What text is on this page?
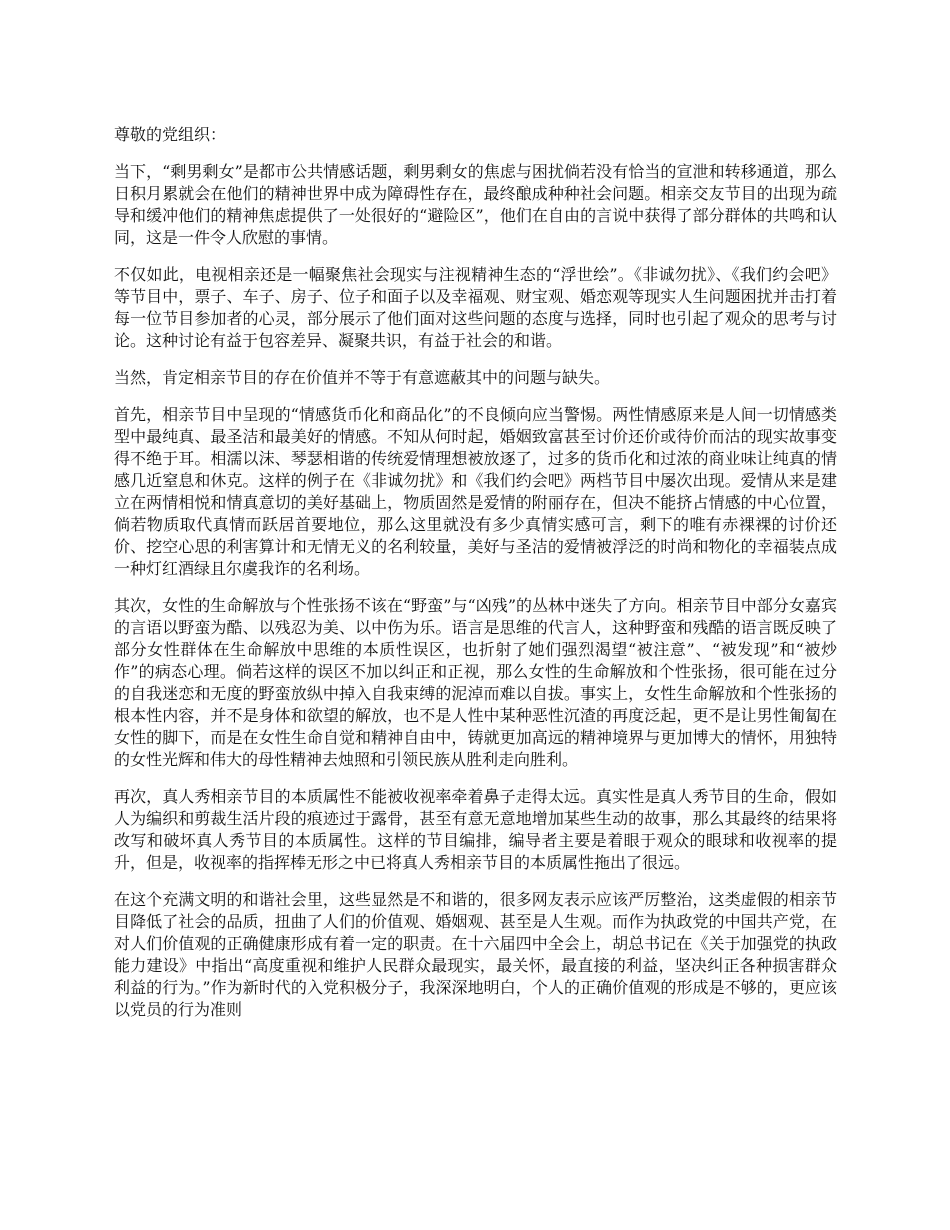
尊敬的党组织：

当下，“剩男剩女”是都市公共情感话题，剩男剩女的焦虑与困扰倘若没有恰当的宣泄和转移通道，那么日积月累就会在他们的精神世界中成为障碍性存在，最终酿成种种社会问题。相亲交友节目的出现为疏导和缓冲他们的精神焦虑提供了一处很好的“避险区”，他们在自由的言说中获得了部分群体的共鸣和认同，这是一件令人欣慰的事情。

不仅如此，电视相亲还是一幅聚焦社会现实与注视精神生态的“浮世绘”。《非诚勿扰》、《我们约会吧》等节目中，票子、车子、房子、位子和面子以及幸福观、财宝观、婚恋观等现实人生问题困扰并击打着每一位节目参加者的心灵，部分展示了他们面对这些问题的态度与选择，同时也引起了观众的思考与讨论。这种讨论有益于包容差异、凝聚共识，有益于社会的和谐。

当然，肯定相亲节目的存在价值并不等于有意遮蔽其中的问题与缺失。

首先，相亲节目中呈现的“情感货币化和商品化”的不良倾向应当警惕。两性情感原来是人间一切情感类型中最纯真、最圣洁和最美好的情感。不知从何时起，婚姻致富甚至讨价还价或待价而沽的现实故事变得不绝于耳。相濡以沫、琴瑟相谐的传统爱情理想被放逐了，过多的货币化和过浓的商业味让纯真的情感几近窒息和休克。这样的例子在《非诚勿扰》和《我们约会吧》两档节目中屡次出现。爱情从来是建立在两情相悦和情真意切的美好基础上，物质固然是爱情的附丽存在，但决不能挤占情感的中心位置，倘若物质取代真情而跃居首要地位，那么这里就没有多少真情实感可言，剩下的唯有赤裸裸的讨价还价、挖空心思的利害算计和无情无义的名利较量，美好与圣洁的爱情被浮泛的时尚和物化的幸福装点成一种灯红酒绿且尔虞我诈的名利场。

其次，女性的生命解放与个性张扬不该在“野蛮”与“凶残”的丛林中迷失了方向。相亲节目中部分女嘉宾的言语以野蛮为酷、以残忍为美、以中伤为乐。语言是思维的代言人，这种野蛮和残酷的语言既反映了部分女性群体在生命解放中思维的本质性误区，也折射了她们强烈渴望“被注意”、“被发现”和“被炒作”的病态心理。倘若这样的误区不加以纠正和正视，那么女性的生命解放和个性张扬，很可能在过分的自我迷恋和无度的野蛮放纵中掉入自我束缚的泥淖而难以自拔。事实上，女性生命解放和个性张扬的根本性内容，并不是身体和欲望的解放，也不是人性中某种恶性沉渣的再度泛起，更不是让男性匍匐在女性的脚下，而是在女性生命自觉和精神自由中，铸就更加高远的精神境界与更加博大的情怀，用独特的女性光辉和伟大的母性精神去烛照和引领民族从胜利走向胜利。

再次，真人秀相亲节目的本质属性不能被收视率牵着鼻子走得太远。真实性是真人秀节目的生命，假如人为编织和剪裁生活片段的痕迹过于露骨，甚至有意无意地增加某些生动的故事，那么其最终的结果将改写和破坏真人秀节目的本质属性。这样的节目编排，编导者主要是着眼于观众的眼球和收视率的提升，但是，收视率的指挥棒无形之中已将真人秀相亲节目的本质属性拖出了很远。

在这个充满文明的和谐社会里，这些显然是不和谐的，很多网友表示应该严厉整治，这类虚假的相亲节目降低了社会的品质，扭曲了人们的价值观、婚姻观、甚至是人生观。而作为执政党的中国共产党，在对人们价值观的正确健康形成有着一定的职责。在十六届四中全会上，胡总书记在《关于加强党的执政能力建设》中指出“高度重视和维护人民群众最现实，最关怀，最直接的利益，坚决纠正各种损害群众利益的行为。”作为新时代的入党积极分子，我深深地明白，个人的正确价值观的形成是不够的，更应该以党员的行为准则
